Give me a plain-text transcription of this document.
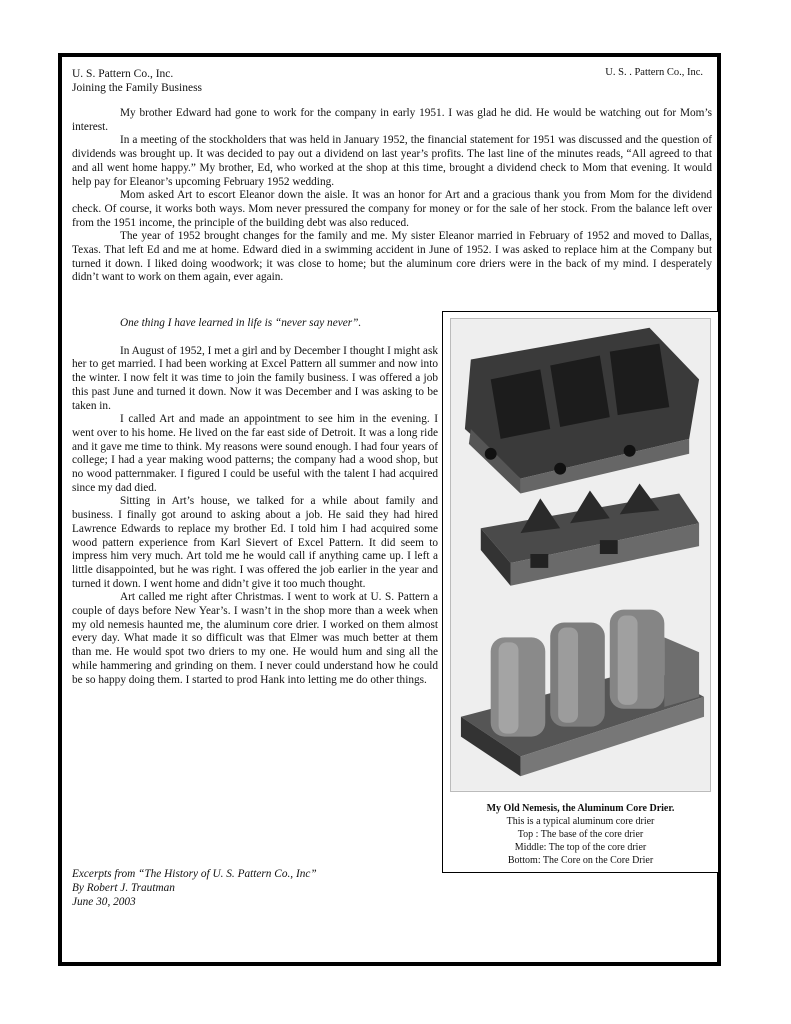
U. S. Pattern Co., Inc.
Joining the Family Business
U. S. . Pattern Co., Inc.

My brother Edward had gone to work for the company in early 1951. I was glad he did. He would be watching out for Mom’s interest.

In a meeting of the stockholders that was held in January 1952, the financial statement for 1951 was discussed and the question of dividends was brought up. It was decided to pay out a dividend on last year’s profits. The last line of the minutes reads, “All agreed to that and all went home happy.” My brother, Ed, who worked at the shop at this time, brought a dividend check to Mom that evening. It would help pay for Eleanor’s upcoming February 1952 wedding.

Mom asked Art to escort Eleanor down the aisle. It was an honor for Art and a gracious thank you from Mom for the dividend check. Of course, it works both ways. Mom never pressured the company for money or for the sale of her stock. From the balance left over from the 1951 income, the principle of the building debt was also reduced.

The year of 1952 brought changes for the family and me. My sister Eleanor married in February of 1952 and moved to Dallas, Texas. That left Ed and me at home. Edward died in a swimming accident in June of 1952. I was asked to replace him at the Company but turned it down. I liked doing woodwork; it was close to home; but the aluminum core driers were in the back of my mind. I desperately didn’t want to work on them again, ever again.

One thing I have learned in life is “never say never”.

In August of 1952, I met a girl and by December I thought I might ask her to get married. I had been working at Excel Pattern all summer and now into the winter. I now felt it was time to join the family business. I was offered a job this past June and turned it down. Now it was December and I was asking to be taken in.

I called Art and made an appointment to see him in the evening. I went over to his home. He lived on the far east side of Detroit. It was a long ride and it gave me time to think. My reasons were sound enough. I had four years of college; I had a year making wood patterns; the company had a wood shop, but no wood patternmaker. I figured I could be useful with the talent I had acquired since my dad died.

Sitting in Art’s house, we talked for a while about family and business. I finally got around to asking about a job. He said they had hired Lawrence Edwards to replace my brother Ed. I told him I had acquired some wood pattern experience from Karl Sievert of Excel Pattern. It did seem to impress him very much. Art told me he would call if anything came up. I left a little disappointed, but he was right. I was offered the job earlier in the year and turned it down. I went home and didn’t give it too much thought.

Art called me right after Christmas. I went to work at U. S. Pattern a couple of days before New Year’s. I wasn’t in the shop more than a week when my old nemesis haunted me, the aluminum core drier. I worked on them almost every day. What made it so difficult was that Elmer was much better at them than me. He would spot two driers to my one. He would hum and sing all the while hammering and grinding on them. I never could understand how he could be so happy doing them. I started to prod Hank into letting me do other things.

My Old Nemesis, the Aluminum Core Drier.
This is a typical aluminum core drier
Top : The base of the core drier
Middle: The top of the core drier
Bottom: The Core on the Core Drier
Excerpts from “The History of U. S. Pattern Co., Inc”
By Robert J. Trautman
June 30, 2003
